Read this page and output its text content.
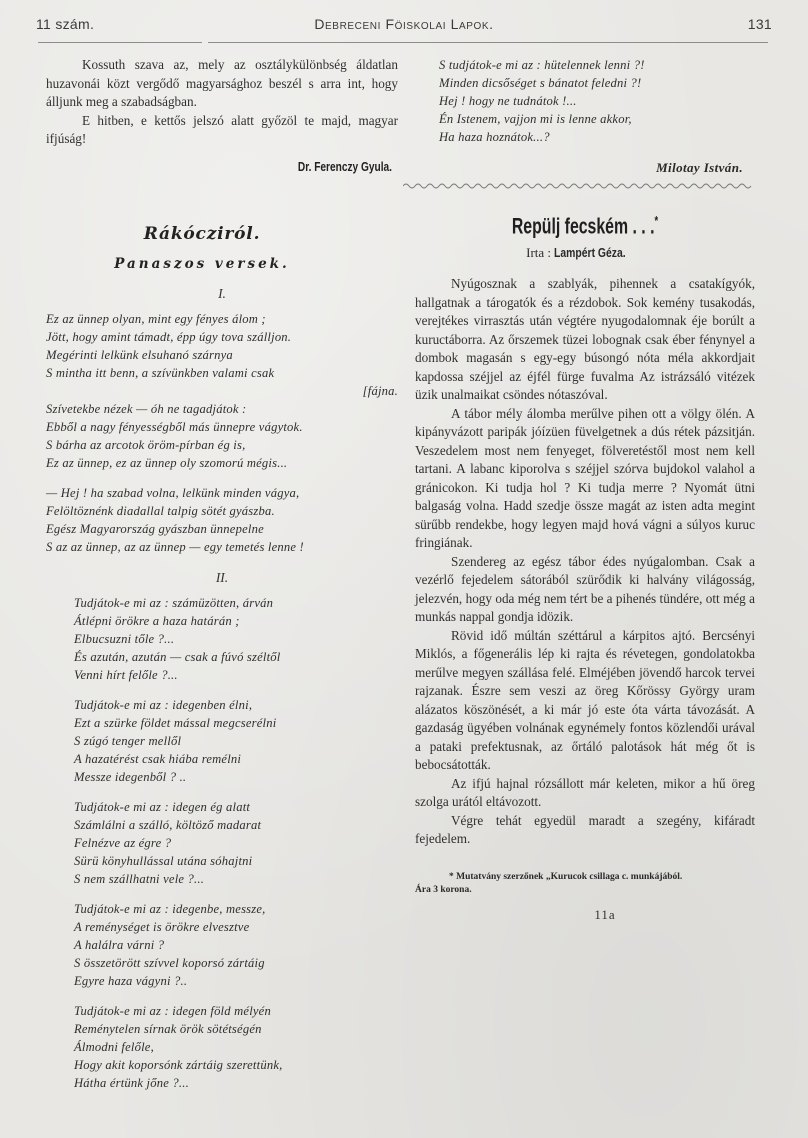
11 szám.	Debreceni Föiskolai Lapok.	131

Kossuth szava az, mely az osztálykülönbség áldatlan huzavonái közt vergődő magyarsághoz beszél s arra int, hogy álljunk meg a szabadságban.

E hitben, e kettős jelszó alatt győzöl te majd, magyar ifjúság!

Dr. Ferenczy Gyula.
Rákócziról.
Panaszos versek.
I.
Ez az ünnep olyan, mint egy fényes álom ;
Jött, hogy amint támadt, épp úgy tova szálljon.
Megérinti lelkünk elsuhanó szárnya
S mintha itt benn, a szívünkben valami csak
[fájna.
Szívetekbe nézek — óh ne tagadjátok :
Ebből a nagy fényességből más ünnepre vágytok.
S bárha az arcotok öröm-pírban ég is,
Ez az ünnep, ez az ünnep oly szomorú mégis...
— Hej ! ha szabad volna, lelkünk minden vágya,
Felöltöznénk diadallal talpig sötét gyászba.
Egész Magyarország gyászban ünnepelne
S az az ünnep, az az ünnep — egy temetés lenne !
II.
Tudjátok-e mi az : számüzötten, árván
Átlépni örökre a haza határán ;
Elbucsuzni tőle ?...
És azután, azután — csak a fúvó széltől
Venni hírt felőle ?...
Tudjátok-e mi az : idegenben élni,
Ezt a szürke földet mással megcserélni
S zúgó tenger mellől
A hazatérést csak hiába remélni
Messze idegenből ? ..
Tudjátok-e mi az : idegen ég alatt
Számlálni a szálló, költöző madarat
Felnézve az égre ?
Sürü könyhullással utána sóhajtni
S nem szállhatni vele ?...
Tudjátok-e mi az : idegenbe, messze,
A reménységet is örökre elvesztve
A halálra várni ?
S összetörött szívvel koporsó zártáig
Egyre haza vágyni ?..
Tudjátok-e mi az : idegen föld mélyén
Reménytelen sírnak örök sötétségén
Álmodni felőle,
Hogy akit koporsónk zártáig szerettünk,
Hátha értünk jőne ?...
S tudjátok-e mi az : hütelennek lenni ?!
Minden dicsőséget s bánatot feledni ?!
Hej ! hogy ne tudnátok !...
Én Istenem, vajjon mi is lenne akkor,
Ha haza hoznátok...?
Milotay István.
Repülj fecském . . .*
Irta : Lampért Géza.

Nyúgosznak a szablyák, pihennek a csatakígyók, hallgatnak a tárogatók és a rézdobok. Sok kemény tusakodás, verejtékes virrasztás után végtére nyugodalomnak éje borúlt a kuructáborra. Az őrszemek tüzei lobognak csak éber fénynyel a dombok magasán s egy-egy búsongó nóta méla akkordjait kapdossa széjjel az éjfél fürge fuvalma Az istrázsáló vitézek üzik unalmaikat csöndes nótaszóval.

A tábor mély álomba merűlve pihen ott a völgy ölén. A kipányvázott paripák jóízüen füvelgetnek a dús rétek pázsitján. Veszedelem most nem fenyeget, fölveretéstől most nem kell tartani. A labanc kiporolva s széjjel szórva bujdokol valahol a gránicokon. Ki tudja hol ? Ki tudja merre ? Nyomát ütni balgaság volna. Hadd szedje össze magát az isten adta megint sürűbb rendekbe, hogy legyen majd hová vágni a súlyos kuruc fringiának.

Szendereg az egész tábor édes nyúgalomban. Csak a vezérlő fejedelem sátorából szürődik ki halvány világosság, jelezvén, hogy oda még nem tért be a pihenés tündére, ott még a munkás nappal gondja idözik.

Rövid idő múltán széttárul a kárpitos ajtó. Bercsényi Miklós, a főgenerális lép ki rajta és révetegen, gondolatokba merűlve megyen szállása felé. Elméjében jövendő harcok tervei rajzanak. Észre sem veszi az öreg Kőrössy György uram alázatos köszönését, a ki már jó este óta várta távozását. A gazdaság ügyében volnának egynémely fontos közlendői urával a pataki prefektusnak, az őrtáló palotások hát még őt is bebocsátották.

Az ifjú hajnal rózsállott már keleten, mikor a hű öreg szolga urától eltávozott.

Végre tehát egyedül maradt a szegény, kifáradt fejedelem.

* Mutatvány szerzőnek „Kurucok csillaga c. munkájából.
Ára 3 korona.
11a
